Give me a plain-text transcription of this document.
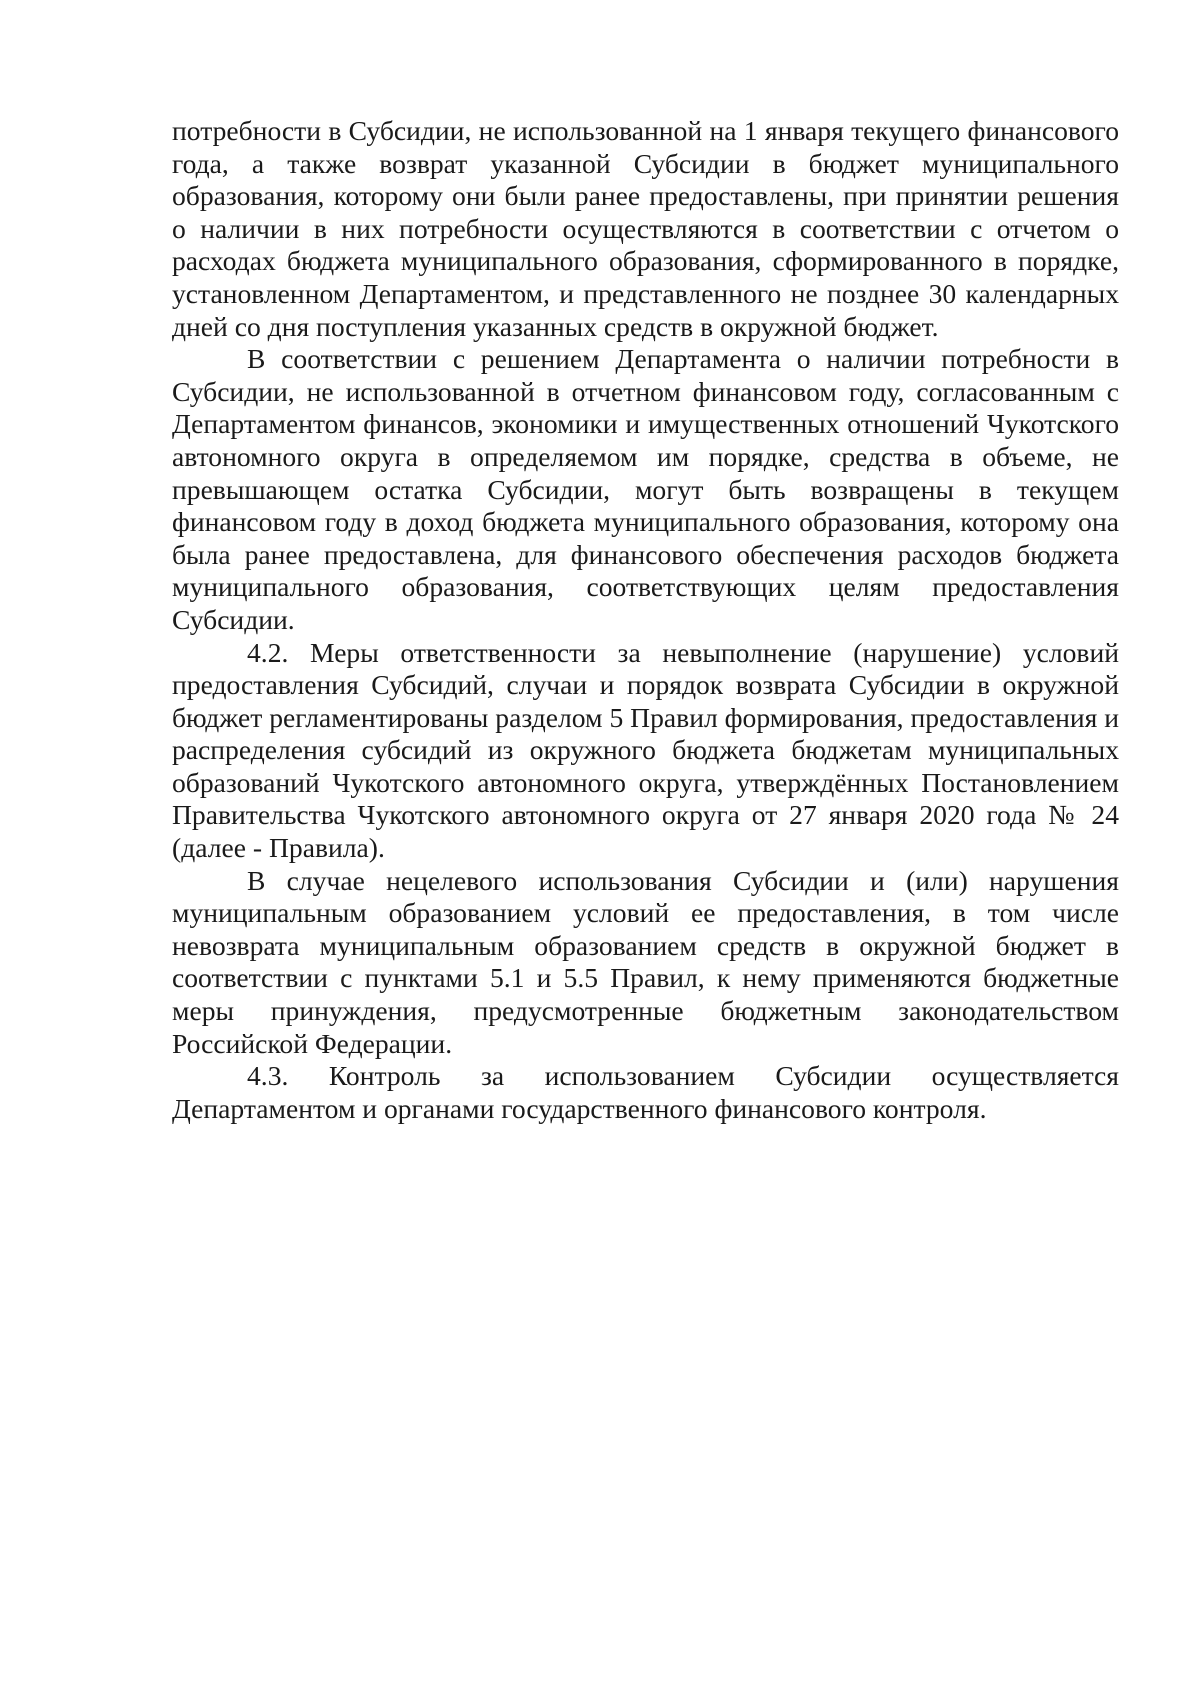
потребности в Субсидии, не использованной на 1 января текущего финансового года, а также возврат указанной Субсидии в бюджет муниципального образования, которому они были ранее предоставлены, при принятии решения о наличии в них потребности осуществляются в соответствии с отчетом о расходах бюджета муниципального образования, сформированного в порядке, установленном Департаментом, и представленного не позднее 30 календарных дней со дня поступления указанных средств в окружной бюджет.

В соответствии с решением Департамента о наличии потребности в Субсидии, не использованной в отчетном финансовом году, согласованным с Департаментом финансов, экономики и имущественных отношений Чукотского автономного округа в определяемом им порядке, средства в объеме, не превышающем остатка Субсидии, могут быть возвращены в текущем финансовом году в доход бюджета муниципального образования, которому она была ранее предоставлена, для финансового обеспечения расходов бюджета муниципального образования, соответствующих целям предоставления Субсидии.

4.2. Меры ответственности за невыполнение (нарушение) условий предоставления Субсидий, случаи и порядок возврата Субсидии в окружной бюджет регламентированы разделом 5 Правил формирования, предоставления и распределения субсидий из окружного бюджета бюджетам муниципальных образований Чукотского автономного округа, утверждённых Постановлением Правительства Чукотского автономного округа от 27 января 2020 года № 24 (далее - Правила).

В случае нецелевого использования Субсидии и (или) нарушения муниципальным образованием условий ее предоставления, в том числе невозврата муниципальным образованием средств в окружной бюджет в соответствии с пунктами 5.1 и 5.5 Правил, к нему применяются бюджетные меры принуждения, предусмотренные бюджетным законодательством Российской Федерации.

4.3. Контроль за использованием Субсидии осуществляется Департаментом и органами государственного финансового контроля.
